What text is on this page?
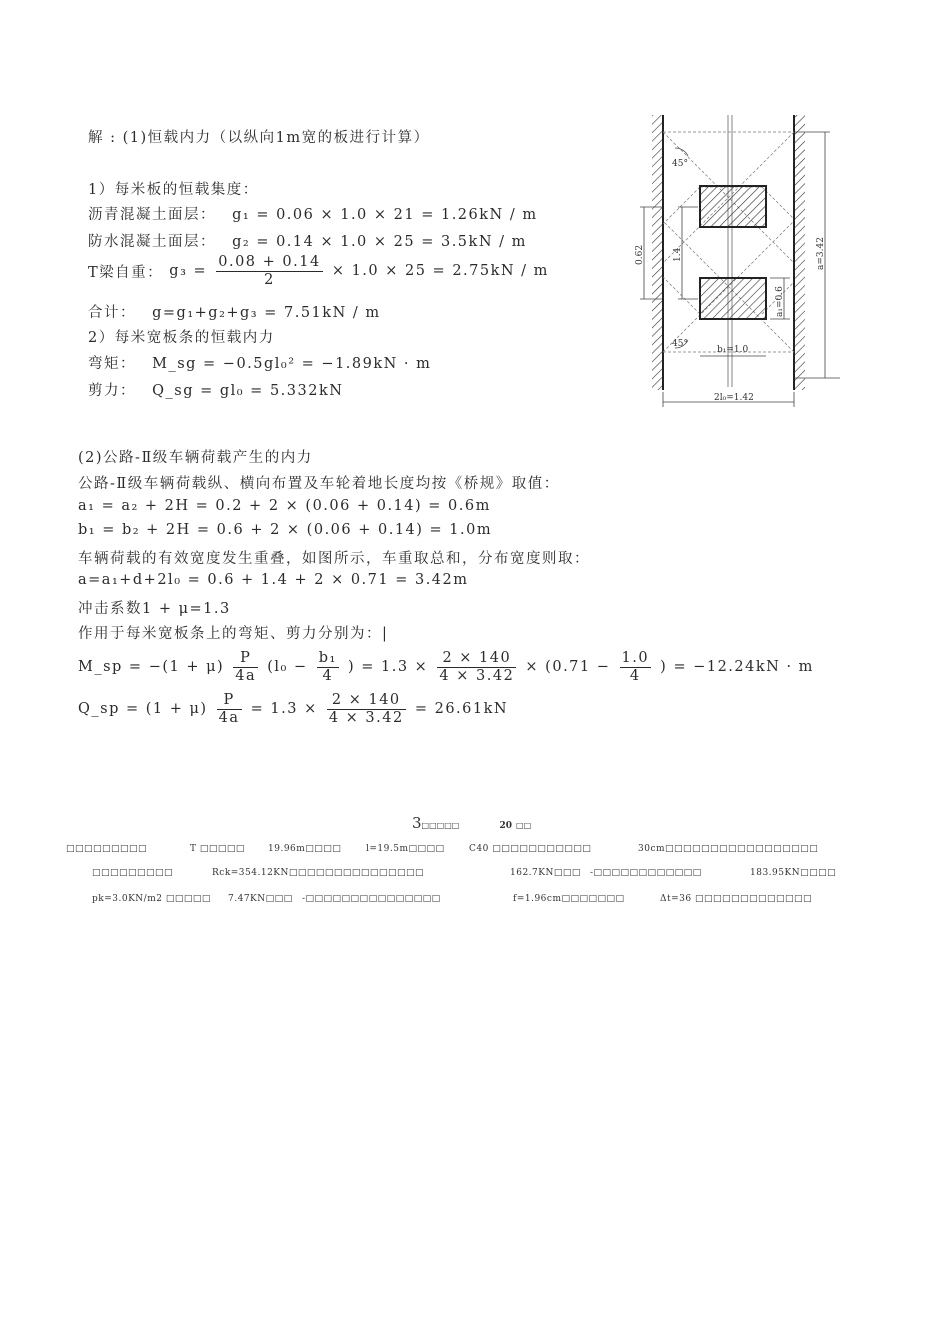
解 : (1)恒载内力（以纵向1m宽的板进行计算）
1）每米板的恒载集度：
沥青混凝土面层： g₁ = 0.06 × 1.0 × 21 = 1.26kN / m
防水混凝土面层： g₂ = 0.14 × 1.0 × 25 = 3.5kN / m
T梁自重： $g_3 = \frac{0.08 + 0.14}{2} \times 1.0 \times 25 = 2.75kN / m$
合计： g=g₁+g₂+g₃ = 7.51kN / m
2）每米宽板条的恒载内力
弯矩： M_sg = −0.5gl₀² = −1.89kN · m
剪力： Q_sg = gl₀ = 5.332kN
(2)公路-Ⅱ级车辆荷载产生的内力
公路-Ⅱ级车辆荷载纵、横向布置及车轮着地长度均按《桥规》取值：
a₁ = a₂ + 2H = 0.2 + 2 × (0.06 + 0.14) = 0.6m
b₁ = b₂ + 2H = 0.6 + 2 × (0.06 + 0.14) = 1.0m
车辆荷载的有效宽度发生重叠，如图所示，车重取总和，分布宽度则取：
a=a₁+d+2l₀ = 0.6 + 1.4 + 2 × 0.71 = 3.42m
冲击系数1 + μ=1.3
作用于每米宽板条上的弯矩、剪力分别为：|
M_sp = $-(1 + \mu) \frac{P}{4a} (l_0 - \frac{\text{b₁}}{4}$ ) = $1.3 \times \frac{2 \times 140}{4 \times 3.42} \times (0.71 - \frac{1.0}{4}$ ) = −12.24kN · m
Q_sp = $(1 + \mu) \frac{P}{4a} = 1.3 \times \frac{2 \times 140}{4 \times 3.42} = 26.61kN$
45°
45°
0.62	1.4
a₁=0.6
a=3.42
b₁=1.0
2l₀=1.42
3□□□□□	20 □□
□□□□□□□□□	T □□□□□	19.96m□□□□	l=19.5m□□□□	C40 □□□□□□□□□□□	30cm□□□□□□□□□□□□□□□□□
□□□□□□□□□	Rck=354.12KN□□□□□□□□□□□□□□□	162.7KN□□□ -□□□□□□□□□□□□	183.95KN□□□□
pk=3.0KN/m2 □□□□□ 7.47KN□□□ -□□□□□□□□□□□□□□□	f=1.96cm□□□□□□□	Δt=36 □□□□□□□□□□□□□
